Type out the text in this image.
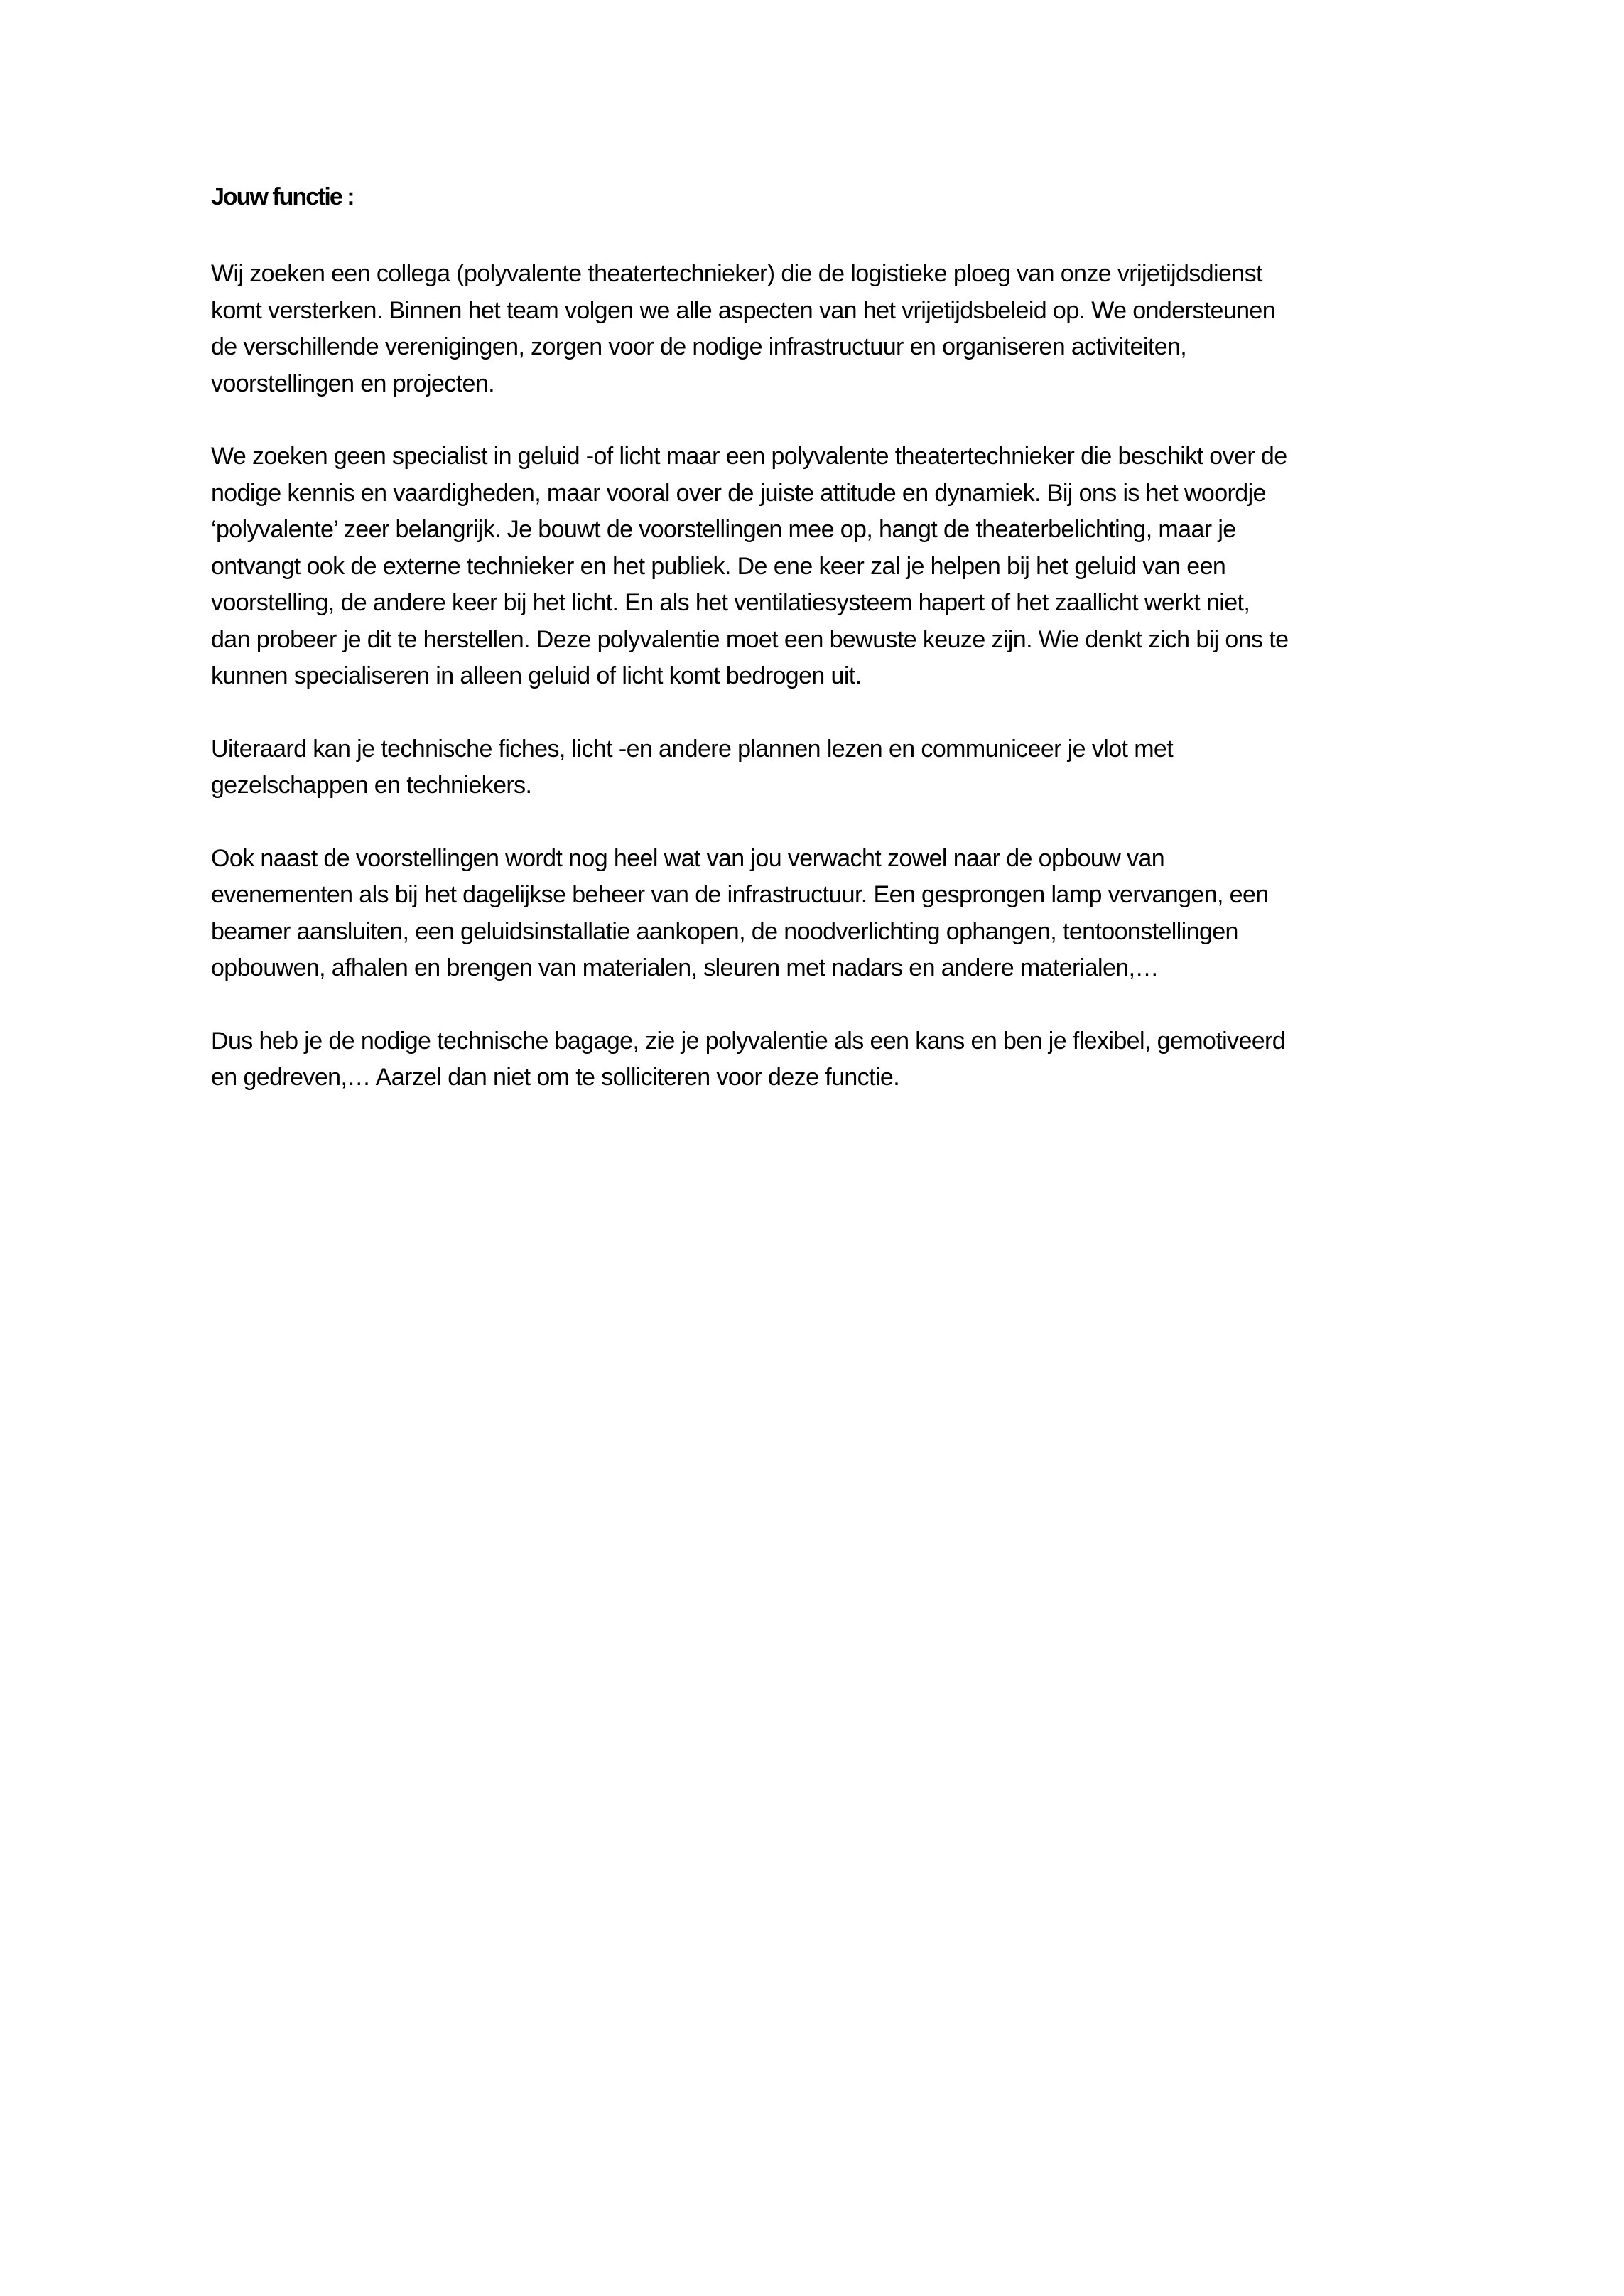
Jouw functie :

Wij zoeken een collega (polyvalente theatertechnieker) die de logistieke ploeg van onze vrijetijdsdienst
komt versterken. Binnen het team volgen we alle aspecten van het vrijetijdsbeleid op. We ondersteunen
de verschillende verenigingen, zorgen voor de nodige infrastructuur en organiseren activiteiten,
voorstellingen en projecten.

We zoeken geen specialist in geluid -of licht maar een polyvalente theatertechnieker die beschikt over de
nodige kennis en vaardigheden, maar vooral over de juiste attitude en dynamiek. Bij ons is het woordje
‘polyvalente’ zeer belangrijk. Je bouwt de voorstellingen mee op, hangt de theaterbelichting, maar je
ontvangt ook de externe technieker en het publiek. De ene keer zal je helpen bij het geluid van een
voorstelling, de andere keer bij het licht. En als het ventilatiesysteem hapert of het zaallicht werkt niet,
dan probeer je dit te herstellen. Deze polyvalentie moet een bewuste keuze zijn. Wie denkt zich bij ons te
kunnen specialiseren in alleen geluid of licht komt bedrogen uit.

Uiteraard kan je technische fiches, licht -en andere plannen lezen en communiceer je vlot met
gezelschappen en techniekers.

Ook naast de voorstellingen wordt nog heel wat van jou verwacht zowel naar de opbouw van
evenementen als bij het dagelijkse beheer van de infrastructuur. Een gesprongen lamp vervangen, een
beamer aansluiten, een geluidsinstallatie aankopen, de noodverlichting ophangen, tentoonstellingen
opbouwen, afhalen en brengen van materialen, sleuren met nadars en andere materialen,…

Dus heb je de nodige technische bagage, zie je polyvalentie als een kans en ben je flexibel, gemotiveerd
en gedreven,… Aarzel dan niet om te solliciteren voor deze functie.
